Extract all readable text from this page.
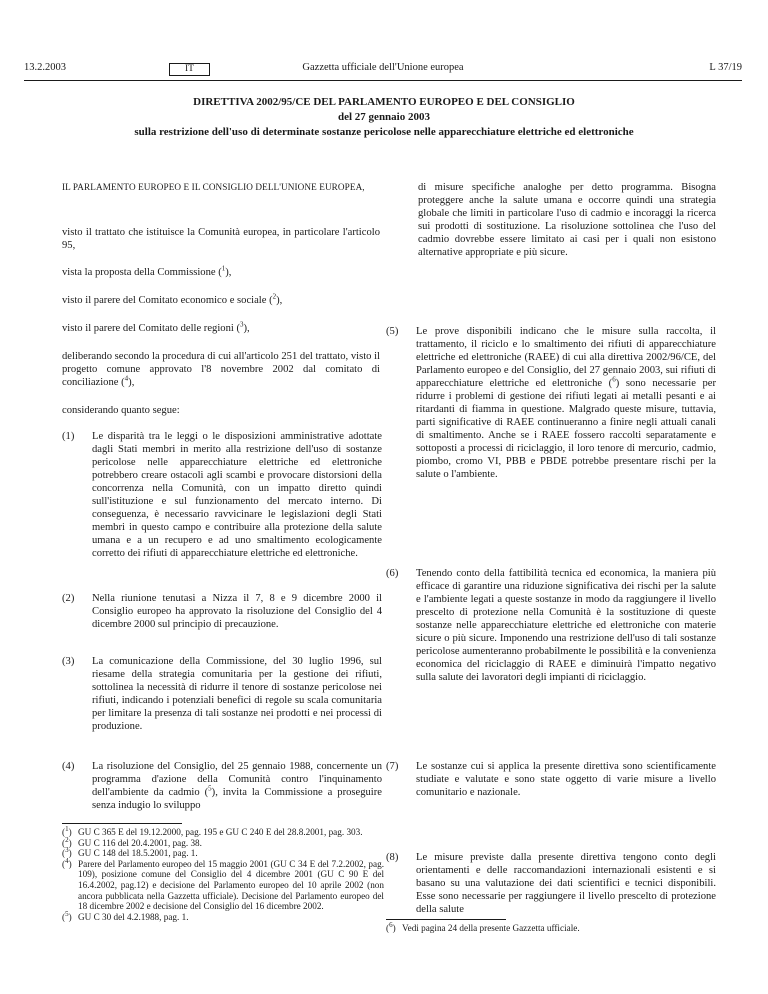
13.2.2003	IT	Gazzetta ufficiale dell'Unione europea	L 37/19
DIRETTIVA 2002/95/CE DEL PARLAMENTO EUROPEO E DEL CONSIGLIO
del 27 gennaio 2003
sulla restrizione dell'uso di determinate sostanze pericolose nelle apparecchiature elettriche ed elettroniche

IL PARLAMENTO EUROPEO E IL CONSIGLIO DELL'UNIONE EUROPEA,

visto il trattato che istituisce la Comunità europea, in particolare l'articolo 95,

vista la proposta della Commissione ($^1$),

visto il parere del Comitato economico e sociale ($^2$),

visto il parere del Comitato delle regioni ($^3$),

deliberando secondo la procedura di cui all'articolo 251 del trattato, visto il progetto comune approvato l'8 novembre 2002 dal comitato di conciliazione ($^4$),

considerando quanto segue:

(1)	Le disparità tra le leggi o le disposizioni amministrative adottate dagli Stati membri in merito alla restrizione dell'uso di sostanze pericolose nelle apparecchiature elettriche ed elettroniche potrebbero creare ostacoli agli scambi e provocare distorsioni della concorrenza nella Comunità, con un impatto diretto quindi sull'istituzione e sul funzionamento del mercato interno. Di conseguenza, è necessario ravvicinare le legislazioni degli Stati membri in questo campo e contribuire alla protezione della salute umana e a un recupero e ad uno smaltimento ecologicamente corretto dei rifiuti di apparecchiature elettriche ed elettroniche.
(2)	Nella riunione tenutasi a Nizza il 7, 8 e 9 dicembre 2000 il Consiglio europeo ha approvato la risoluzione del Consiglio del 4 dicembre 2000 sul principio di precauzione.
(3)	La comunicazione della Commissione, del 30 luglio 1996, sul riesame della strategia comunitaria per la gestione dei rifiuti, sottolinea la necessità di ridurre il tenore di sostanze pericolose nei rifiuti, indicando i potenziali benefici di regole su scala comunitaria per limitare la presenza di tali sostanze nei prodotti e nei processi di produzione.
(4)	La risoluzione del Consiglio, del 25 gennaio 1988, concernente un programma d'azione della Comunità contro l'inquinamento dell'ambiente da cadmio ($^5$), invita la Commissione a proseguire senza indugio lo sviluppo
($^1$) GU C 365 E del 19.12.2000, pag. 195 e GU C 240 E del 28.8.2001, pag. 303.
($^2$) GU C 116 del 20.4.2001, pag. 38.
($^3$) GU C 148 del 18.5.2001, pag. 1.
($^4$) Parere del Parlamento europeo del 15 maggio 2001 (GU C 34 E del 7.2.2002, pag. 109), posizione comune del Consiglio del 4 dicembre 2001 (GU C 90 E del 16.4.2002, pag.12) e decisione del Parlamento europeo del 10 aprile 2002 (non ancora pubblicata nella Gazzetta ufficiale). Decisione del Parlamento europeo del 18 dicembre 2002 e decisione del Consiglio del 16 dicembre 2002.
($^5$) GU C 30 del 4.2.1988, pag. 1.

di misure specifiche analoghe per detto programma. Bisogna proteggere anche la salute umana e occorre quindi una strategia globale che limiti in particolare l'uso di cadmio e incoraggi la ricerca sui prodotti di sostituzione. La risoluzione sottolinea che l'uso del cadmio dovrebbe essere limitato ai casi per i quali non esistono alternative appropriate e più sicure.

(5)	Le prove disponibili indicano che le misure sulla raccolta, il trattamento, il riciclo e lo smaltimento dei rifiuti di apparecchiature elettriche ed elettroniche (RAEE) di cui alla direttiva 2002/96/CE, del Parlamento europeo e del Consiglio, del 27 gennaio 2003, sui rifiuti di apparecchiature elettriche ed elettroniche ($^6$) sono necessarie per ridurre i problemi di gestione dei rifiuti legati ai metalli pesanti e ai ritardanti di fiamma in questione. Malgrado queste misure, tuttavia, parti significative di RAEE continueranno a finire negli attuali canali di smaltimento. Anche se i RAEE fossero raccolti separatamente e sottoposti a processi di riciclaggio, il loro tenore di mercurio, cadmio, piombo, cromo VI, PBB e PBDE potrebbe presentare rischi per la salute o l'ambiente.
(6)	Tenendo conto della fattibilità tecnica ed economica, la maniera più efficace di garantire una riduzione significativa dei rischi per la salute e l'ambiente legati a queste sostanze in modo da raggiungere il livello prescelto di protezione nella Comunità è la sostituzione di queste sostanze nelle apparecchiature elettriche ed elettroniche con materie sicure o più sicure. Imponendo una restrizione dell'uso di tali sostanze pericolose aumenteranno probabilmente le possibilità e la convenienza economica del riciclaggio di RAEE e diminuirà l'impatto negativo sulla salute dei lavoratori degli impianti di riciclaggio.
(7)	Le sostanze cui si applica la presente direttiva sono scientificamente studiate e valutate e sono state oggetto di varie misure a livello comunitario e nazionale.
(8)	Le misure previste dalla presente direttiva tengono conto degli orientamenti e delle raccomandazioni internazionali esistenti e si basano su una valutazione dei dati scientifici e tecnici disponibili. Esse sono necessarie per raggiungere il livello prescelto di protezione della salute
($^6$) Vedi pagina 24 della presente Gazzetta ufficiale.
